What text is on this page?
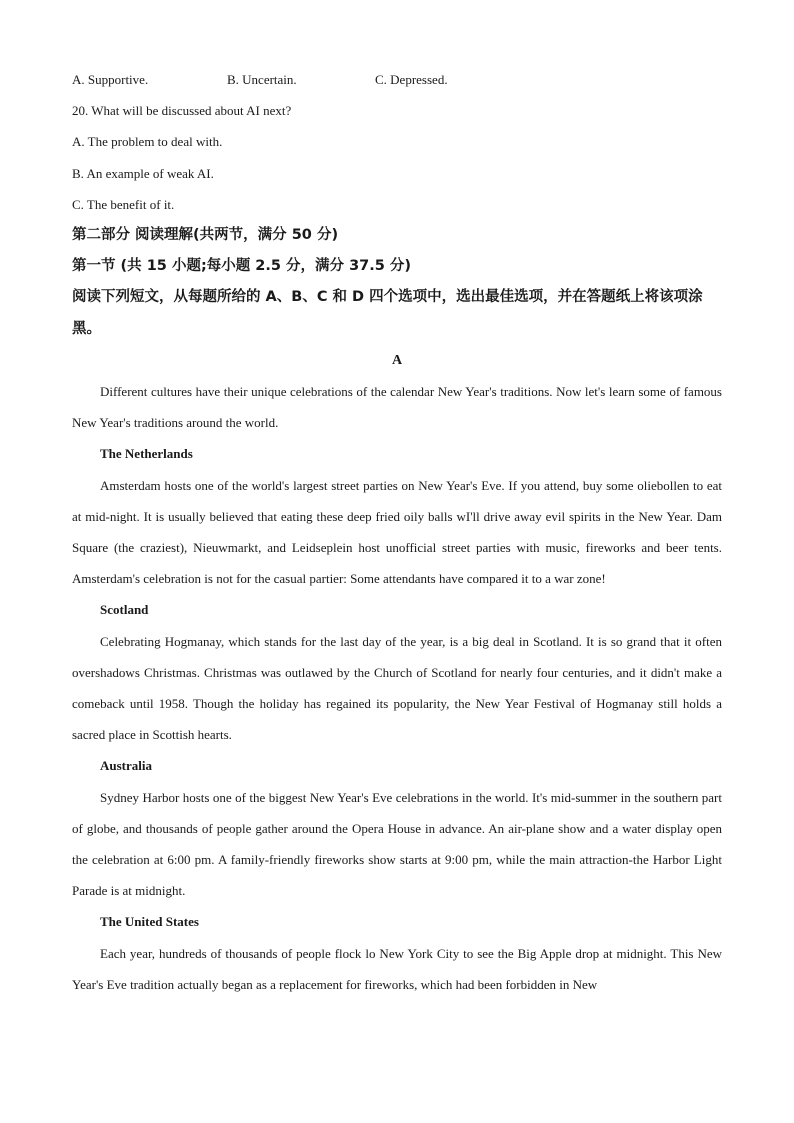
A. Supportive.	B. Uncertain.	C. Depressed.
20. What will be discussed about AI next?
A. The problem to deal with.
B. An example of weak AI.
C. The benefit of it.
第二部分 阅读理解(共两节，满分 50 分)
第一节 (共 15 小题;每小题 2.5 分，满分 37.5 分)
阅读下列短文，从每题所给的 A、B、C 和 D 四个选项中，选出最佳选项，并在答题纸上将该项涂黑。
A

Different cultures have their unique celebrations of the calendar New Year's traditions. Now let's learn some of famous New Year's traditions around the world.

The Netherlands

Amsterdam hosts one of the world's largest street parties on New Year's Eve. If you attend, buy some oliebollen to eat at mid-night. It is usually believed that eating these deep fried oily balls wI'll drive away evil spirits in the New Year. Dam Square (the craziest), Nieuwmarkt, and Leidseplein host unofficial street parties with music, fireworks and beer tents. Amsterdam's celebration is not for the casual partier: Some attendants have compared it to a war zone!

Scotland

Celebrating Hogmanay, which stands for the last day of the year, is a big deal in Scotland. It is so grand that it often overshadows Christmas. Christmas was outlawed by the Church of Scotland for nearly four centuries, and it didn't make a comeback until 1958. Though the holiday has regained its popularity, the New Year Festival of Hogmanay still holds a sacred place in Scottish hearts.

Australia

Sydney Harbor hosts one of the biggest New Year's Eve celebrations in the world. It's mid-summer in the southern part of globe, and thousands of people gather around the Opera House in advance. An air-plane show and a water display open the celebration at 6:00 pm. A family-friendly fireworks show starts at 9:00 pm, while the main attraction-the Harbor Light Parade is at midnight.

The United States

Each year, hundreds of thousands of people flock lo New York City to see the Big Apple drop at midnight. This New Year's Eve tradition actually began as a replacement for fireworks, which had been forbidden in New
